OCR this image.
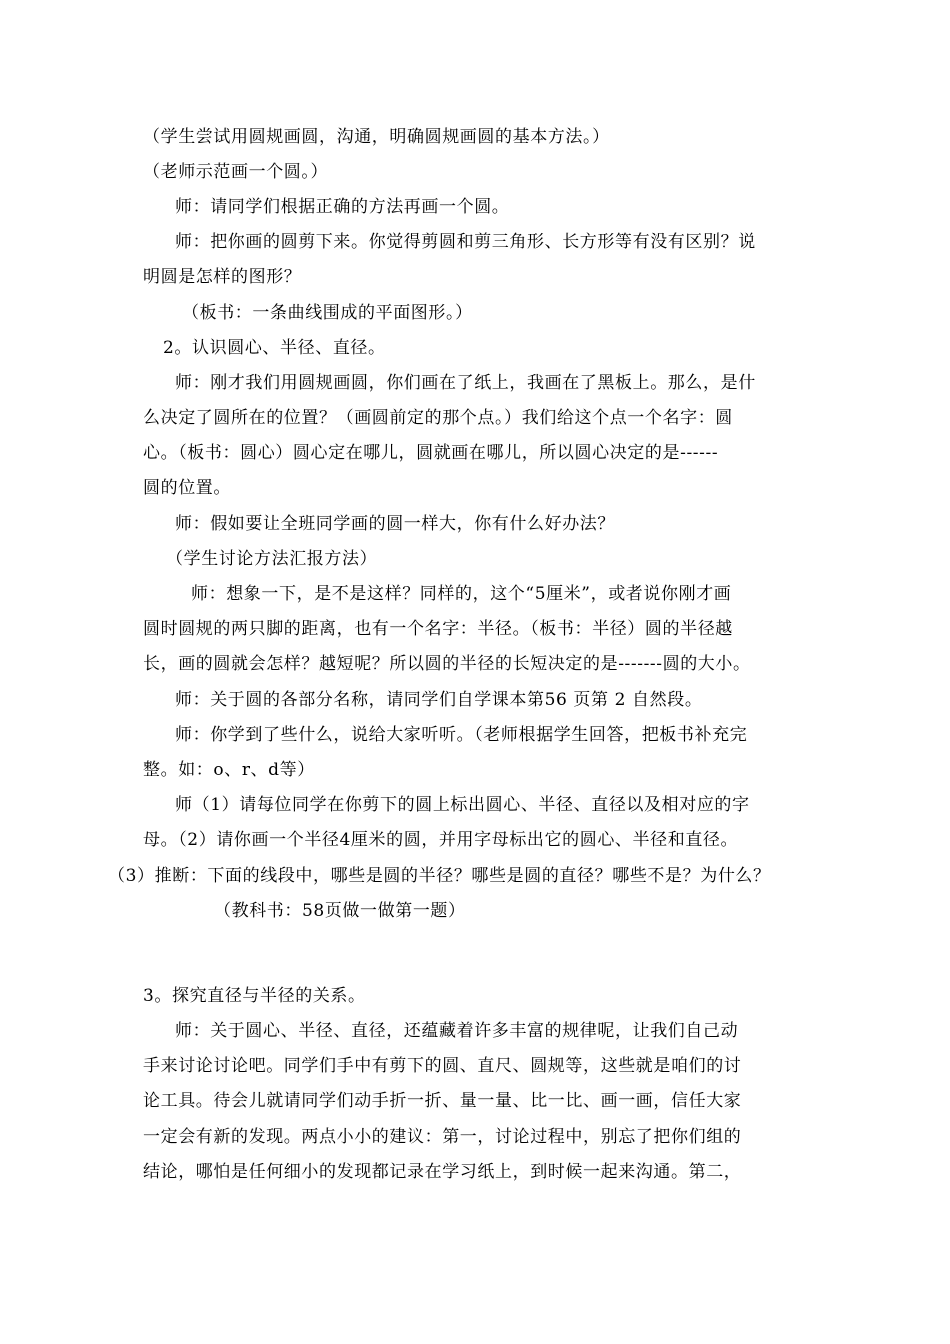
（学生尝试用圆规画圆，沟通，明确圆规画圆的基本方法。）
（老师示范画一个圆。）
师：请同学们根据正确的方法再画一个圆。
师：把你画的圆剪下来。你觉得剪圆和剪三角形、长方形等有没有区别？说
明圆是怎样的图形？
（板书：一条曲线围成的平面图形。）
2。认识圆心、半径、直径。
师：刚才我们用圆规画圆，你们画在了纸上，我画在了黑板上。那么，是什
么决定了圆所在的位置？（画圆前定的那个点。）我们给这个点一个名字：圆
心。（板书：圆心）圆心定在哪儿，圆就画在哪儿，所以圆心决定的是------
圆的位置。
师：假如要让全班同学画的圆一样大，你有什么好办法？
（学生讨论方法汇报方法）
师：想象一下，是不是这样？同样的，这个“5厘米”，或者说你刚才画
圆时圆规的两只脚的距离，也有一个名字：半径。（板书：半径）圆的半径越
长，画的圆就会怎样？越短呢？所以圆的半径的长短决定的是-------圆的大小。
师：关于圆的各部分名称，请同学们自学课本第56 页第 2 自然段。
师：你学到了些什么，说给大家听听。（老师根据学生回答，把板书补充完
整。如：o、r、d等）
师（1）请每位同学在你剪下的圆上标出圆心、半径、直径以及相对应的字
母。（2）请你画一个半径4厘米的圆，并用字母标出它的圆心、半径和直径。
（3）推断：下面的线段中，哪些是圆的半径？哪些是圆的直径？哪些不是？为什么？
（教科书：58页做一做第一题）
3。探究直径与半径的关系。
师：关于圆心、半径、直径，还蕴藏着许多丰富的规律呢，让我们自己动
手来讨论讨论吧。同学们手中有剪下的圆、直尺、圆规等，这些就是咱们的讨
论工具。待会儿就请同学们动手折一折、量一量、比一比、画一画，信任大家
一定会有新的发现。两点小小的建议：第一，讨论过程中，别忘了把你们组的
结论，哪怕是任何细小的发现都记录在学习纸上，到时候一起来沟通。第二，
